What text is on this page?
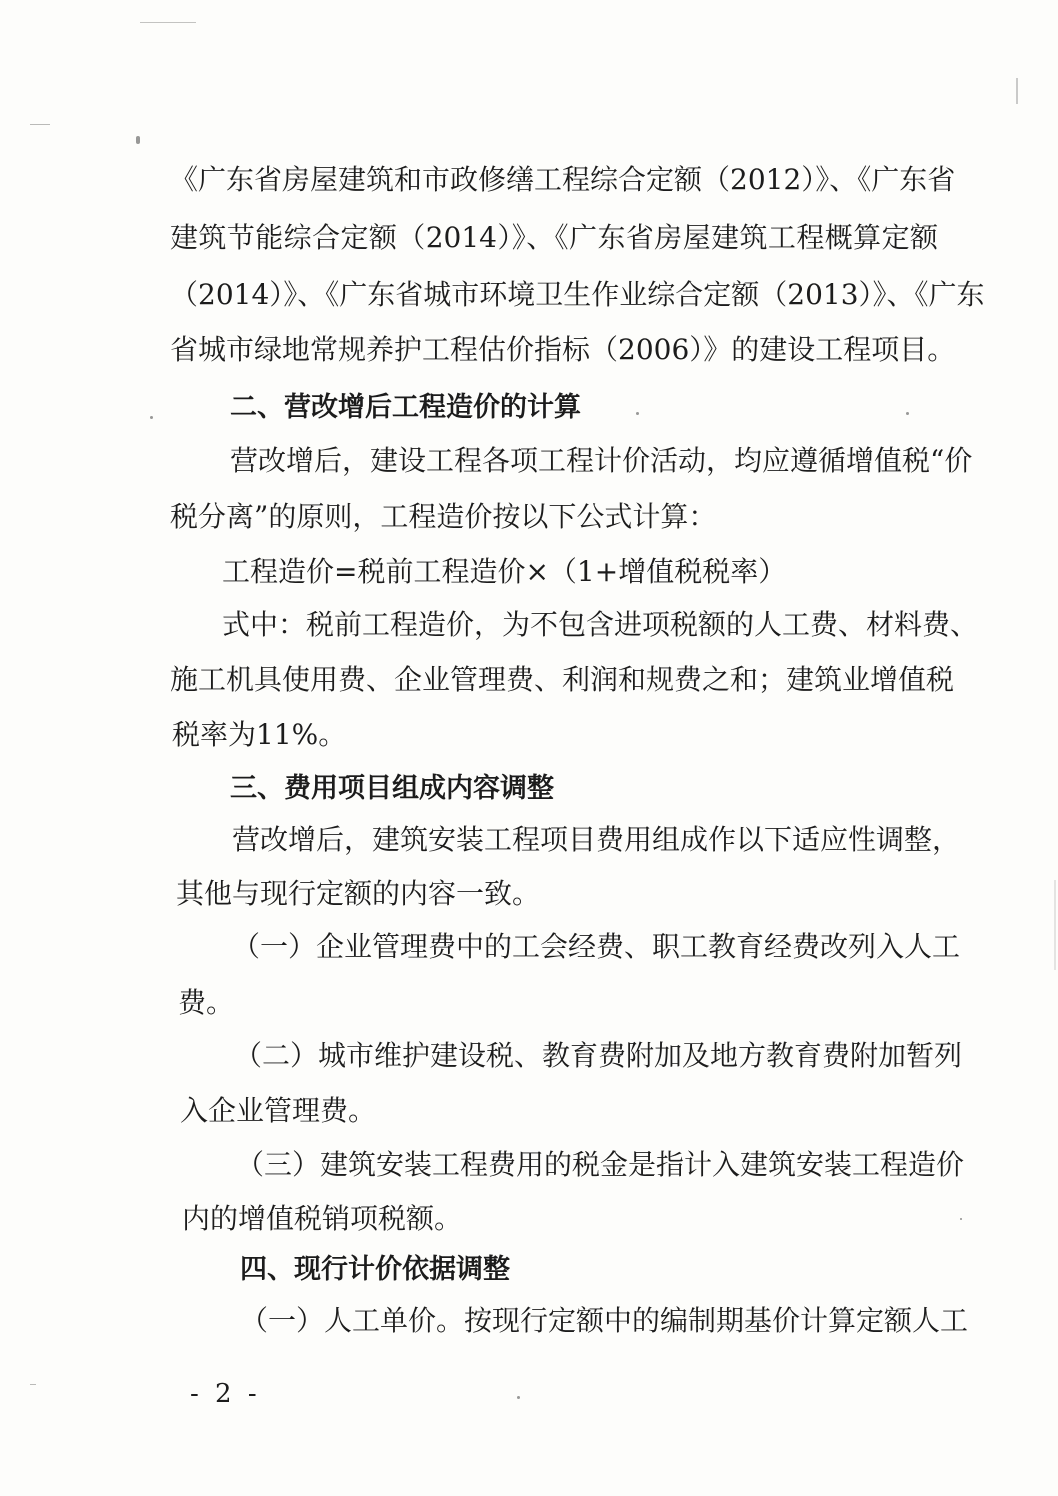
《广东省房屋建筑和市政修缮工程综合定额（2012）》、《广东省
建筑节能综合定额（2014）》、《广东省房屋建筑工程概算定额
（2014）》、《广东省城市环境卫生作业综合定额（2013）》、《广东
省城市绿地常规养护工程估价指标（2006）》的建设工程项目。
二、营改增后工程造价的计算
营改增后，建设工程各项工程计价活动，均应遵循增值税“价
税分离”的原则，工程造价按以下公式计算：
工程造价=税前工程造价×（1+增值税税率）
式中：税前工程造价，为不包含进项税额的人工费、材料费、
施工机具使用费、企业管理费、利润和规费之和；建筑业增值税
税率为11%。
三、费用项目组成内容调整
营改增后，建筑安装工程项目费用组成作以下适应性调整，
其他与现行定额的内容一致。
（一）企业管理费中的工会经费、职工教育经费改列入人工
费。
（二）城市维护建设税、教育费附加及地方教育费附加暂列
入企业管理费。
（三）建筑安装工程费用的税金是指计入建筑安装工程造价
内的增值税销项税额。
四、现行计价依据调整
（一）人工单价。按现行定额中的编制期基价计算定额人工
- 2 -
